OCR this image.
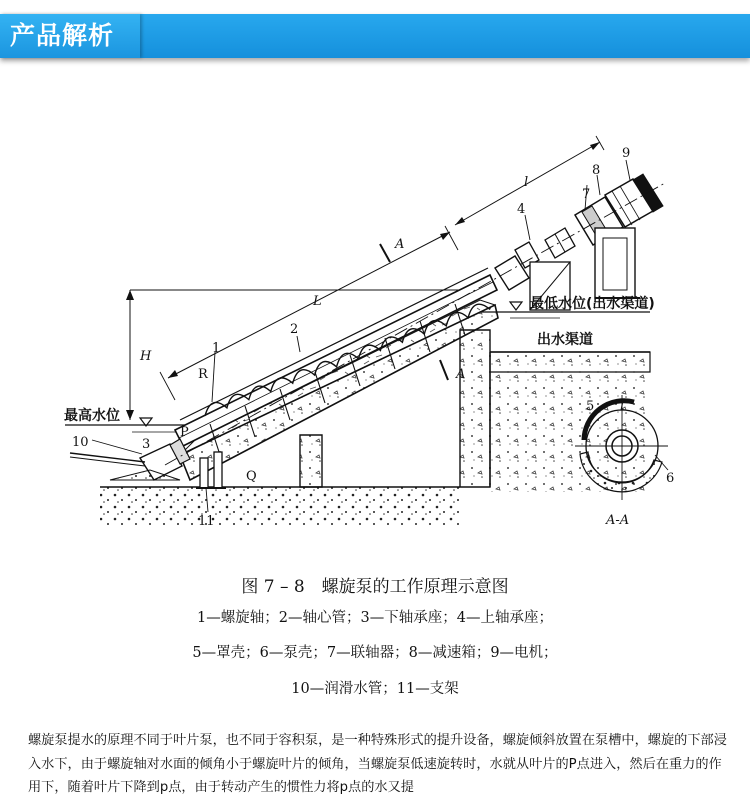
产品解析
1
2
3
4
5
6
7
8
9
10
11
R
P
Q
H
L
l
A
A
l
A-A
最高水位
最低水位(出水渠道)
出水渠道
图 7 – 8　螺旋泵的工作原理示意图
1—螺旋轴；2—轴心管；3—下轴承座；4—上轴承座；
5—罩壳；6—泵壳；7—联轴器；8—减速箱；9—电机；
10—润滑水管；11—支架

螺旋泵提水的原理不同于叶片泵，也不同于容积泵，是一种特殊形式的提升设备，螺旋倾斜放置在泵槽中，螺旋的下部浸入水下，由于螺旋轴对水面的倾角小于螺旋叶片的倾角，当螺旋泵低速旋转时，水就从叶片的P点进入，然后在重力的作用下，随着叶片下降到p点，由于转动产生的惯性力将p点的水又提
